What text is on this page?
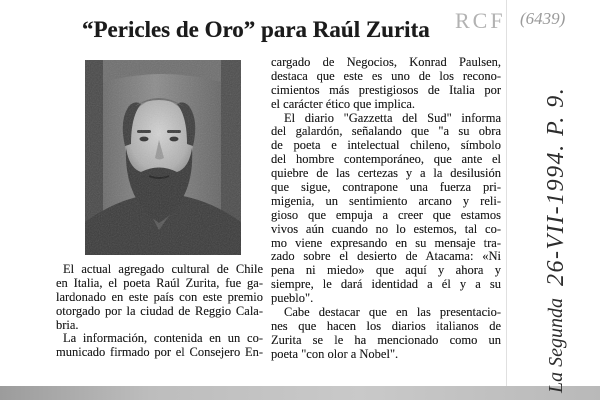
RCF (6439)
“Pericles de Oro” para Raúl Zurita
El actual agregado cultural de Chile
en Italia, el poeta Raúl Zurita, fue ga-
lardonado en este país con este premio
otorgado por la ciudad de Reggio Cala-
bria.
La información, contenida en un co-
municado firmado por el Consejero En-
cargado de Negocios, Konrad Paulsen,
destaca que este es uno de los recono-
cimientos más prestigiosos de Italia por
el carácter ético que implica.
El diario "Gazzetta del Sud" informa
del galardón, señalando que "a su obra
de poeta e intelectual chileno, símbolo
del hombre contemporáneo, que ante el
quiebre de las certezas y a la desilusión
que sigue, contrapone una fuerza pri-
migenia, un sentimiento arcano y reli-
gioso que empuja a creer que estamos
vivos aún cuando no lo estemos, tal co-
mo viene expresando en su mensaje tra-
zado sobre el desierto de Atacama: «Ni
pena ni miedo» que aquí y ahora y
siempre, le dará identidad a él y a su
pueblo".
Cabe destacar que en las presentacio-
nes que hacen los diarios italianos de
Zurita se le ha mencionado como un
poeta "con olor a Nobel".	La Segunda
26-VII-1994. P. 9.
